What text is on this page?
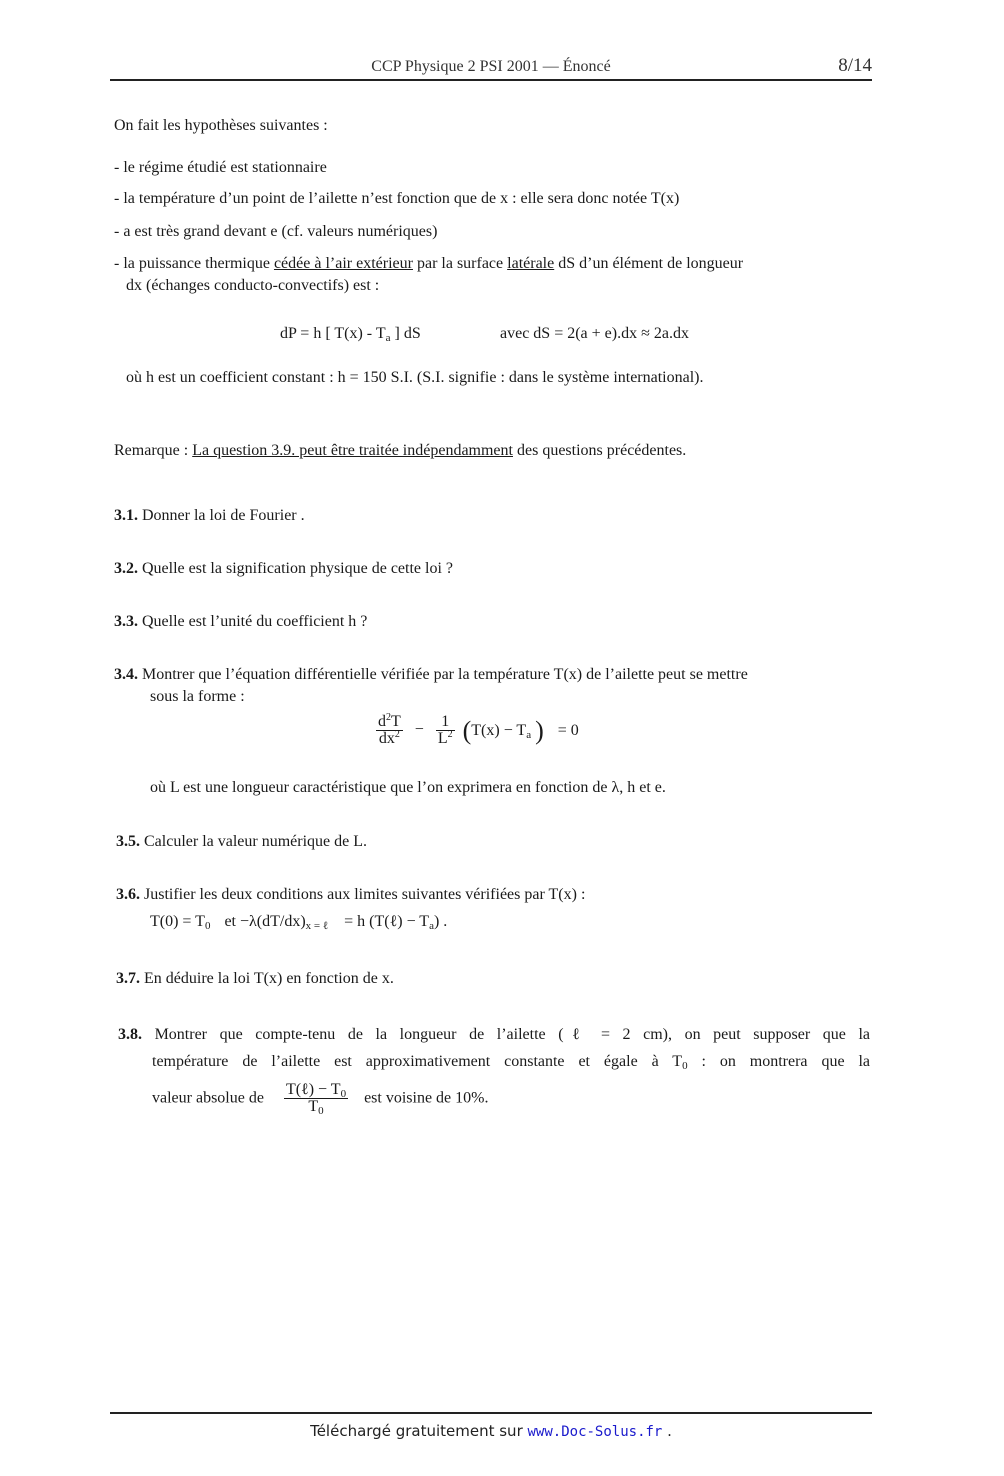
CCP Physique 2 PSI 2001 — Énoncé	8/14
On fait les hypothèses suivantes :
- le régime étudié est stationnaire
- la température d’un point de l’ailette n’est fonction que de x : elle sera donc notée T(x)
- a est très grand devant e (cf. valeurs numériques)
- la puissance thermique cédée à l’air extérieur par la surface latérale dS d’un élément de longueur
dx (échanges conducto-convectifs) est :
dP = h [ $T(x) - T_a$ ] dS	avec dS = 2(a + e).dx ≈ 2a.dx
où h est un coefficient constant : h = 150 S.I. (S.I. signifie : dans le système international).
Remarque : La question 3.9. peut être traitée indépendamment des questions précédentes.
3.1. Donner la loi de Fourier .
3.2. Quelle est la signification physique de cette loi ?
3.3. Quelle est l’unité du coefficient h ?
3.4. Montrer que l’équation différentielle vérifiée par la température T(x) de l’ailette peut se mettre
sous la forme :
$\frac{d^2T}{dx^2} - \frac{1}{L^2} (T(x) - T_a$ ) = 0
où L est une longueur caractéristique que l’on exprimera en fonction de λ, h et e.
3.5. Calculer la valeur numérique de L.
3.6. Justifier les deux conditions aux limites suivantes vérifiées par T(x) :
$T(0) = T_0$ et $-\lambda(dT/dx)_{x = \ell} = h$ (T(ℓ) − $T_a$) .
3.7. En déduire la loi T(x) en fonction de x.
3.8. Montrer que compte-tenu de la longueur de l’ailette (ℓ = 2 cm), on peut supposer que la
température de l’ailette est approximativement constante et égale à $T_0$ : on montrera que la
valeur absolue de $\frac{T(\ell) - T_0}{T_0}$ est voisine de 10%.
Téléchargé gratuitement sur www.Doc-Solus.fr .
